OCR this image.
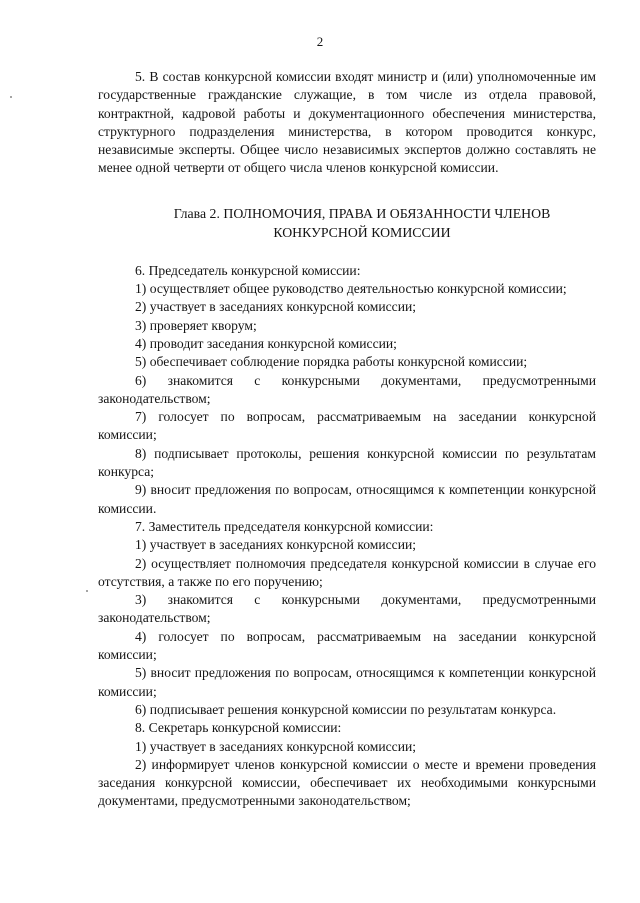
2

5. В состав конкурсной комиссии входят министр и (или) уполномоченные им государственные гражданские служащие, в том числе из отдела правовой, контрактной, кадровой работы и документационного обеспечения министерства, структурного подразделения министерства, в котором проводится конкурс, независимые эксперты. Общее число независимых экспертов должно составлять не менее одной четверти от общего числа членов конкурсной комиссии.

Глава 2. ПОЛНОМОЧИЯ, ПРАВА И ОБЯЗАННОСТИ ЧЛЕНОВ
КОНКУРСНОЙ КОМИССИИ

6. Председатель конкурсной комиссии:

1) осуществляет общее руководство деятельностью конкурсной комиссии;

2) участвует в заседаниях конкурсной комиссии;

3) проверяет кворум;

4) проводит заседания конкурсной комиссии;

5) обеспечивает соблюдение порядка работы конкурсной комиссии;

6) знакомится с конкурсными документами, предусмотренными законодательством;

7) голосует по вопросам, рассматриваемым на заседании конкурсной комиссии;

8) подписывает протоколы, решения конкурсной комиссии по результатам конкурса;

9) вносит предложения по вопросам, относящимся к компетенции конкурсной комиссии.

7. Заместитель председателя конкурсной комиссии:

1) участвует в заседаниях конкурсной комиссии;

2) осуществляет полномочия председателя конкурсной комиссии в случае его отсутствия, а также по его поручению;

3) знакомится с конкурсными документами, предусмотренными законодательством;

4) голосует по вопросам, рассматриваемым на заседании конкурсной комиссии;

5) вносит предложения по вопросам, относящимся к компетенции конкурсной комиссии;

6) подписывает решения конкурсной комиссии по результатам конкурса.

8. Секретарь конкурсной комиссии:

1) участвует в заседаниях конкурсной комиссии;

2) информирует членов конкурсной комиссии о месте и времени проведения заседания конкурсной комиссии, обеспечивает их необходимыми конкурсными документами, предусмотренными законодательством;
